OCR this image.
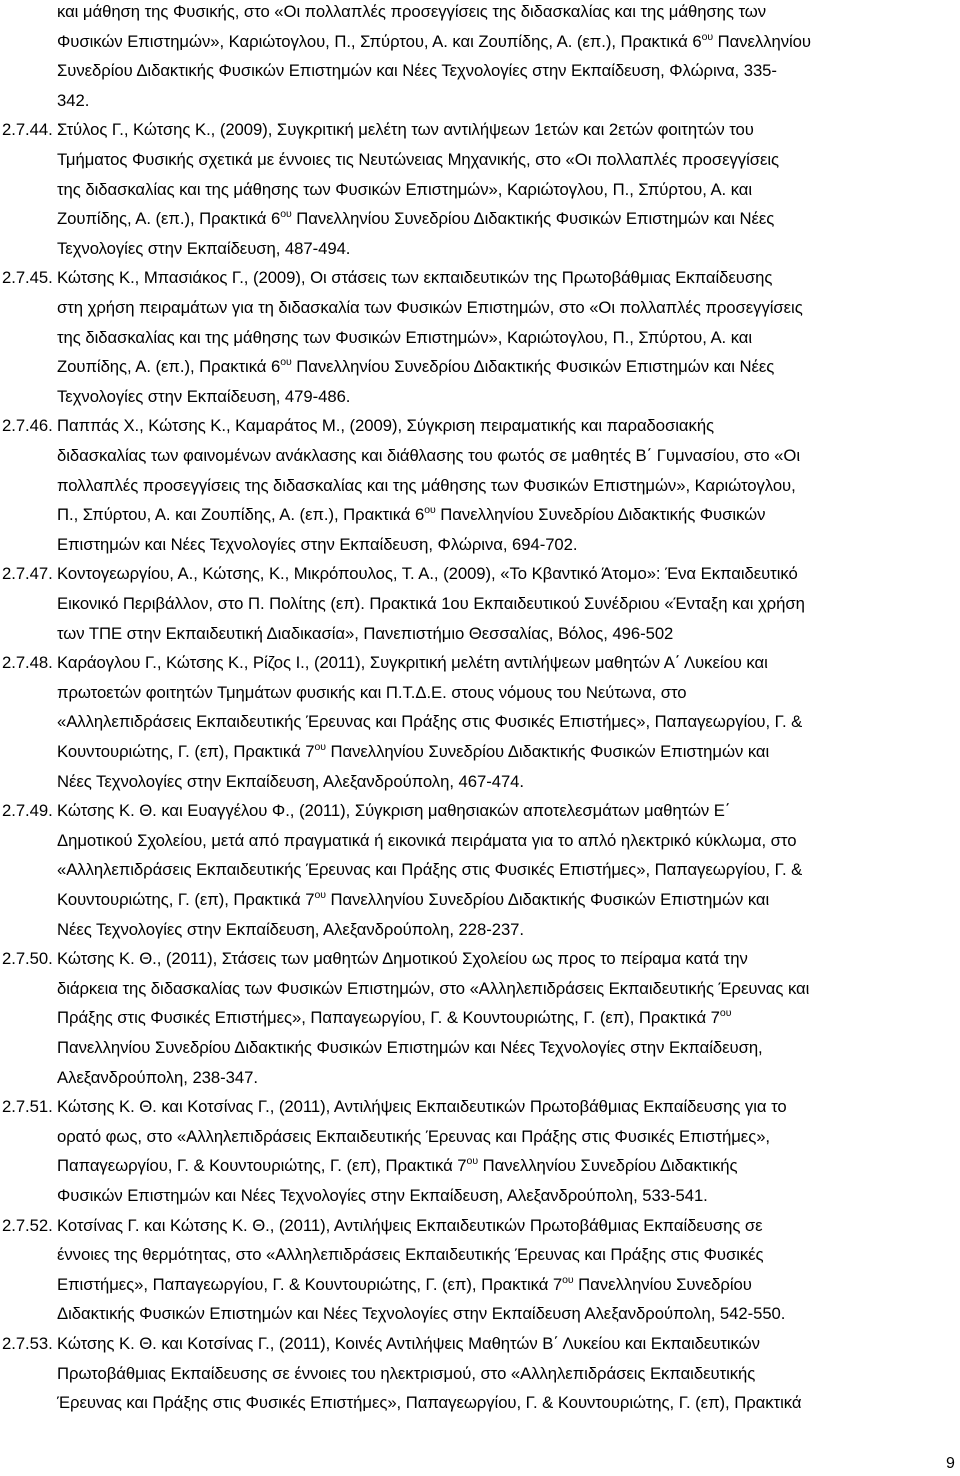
και μάθηση της Φυσικής, στο «Οι πολλαπλές προσεγγίσεις της διδασκαλίας και της μάθησης των
Φυσικών Επιστημών», Καριώτογλου, Π., Σπύρτου, Α. και Ζουπίδης, Α. (επ.), Πρακτικά $6^{o\upsilon}$ Πανελληνίου
Συνεδρίου Διδακτικής Φυσικών Επιστημών και Νέες Τεχνολογίες στην Εκπαίδευση, Φλώρινα, 335-
342.
2.7.44. Στύλος Γ., Κώτσης Κ., (2009), Συγκριτική μελέτη των αντιλήψεων 1ετών και 2ετών φοιτητών του
Τμήματος Φυσικής σχετικά με έννοιες τις Νευτώνειας Μηχανικής, στο «Οι πολλαπλές προσεγγίσεις
της διδασκαλίας και της μάθησης των Φυσικών Επιστημών», Καριώτογλου, Π., Σπύρτου, Α. και
Ζουπίδης, Α. (επ.), Πρακτικά $6^{o\upsilon}$ Πανελληνίου Συνεδρίου Διδακτικής Φυσικών Επιστημών και Νέες
Τεχνολογίες στην Εκπαίδευση, 487-494.
2.7.45. Κώτσης Κ., Μπασιάκος Γ., (2009), Οι στάσεις των εκπαιδευτικών της Πρωτοβάθμιας Εκπαίδευσης
στη χρήση πειραμάτων για τη διδασκαλία των Φυσικών Επιστημών, στο «Οι πολλαπλές προσεγγίσεις
της διδασκαλίας και της μάθησης των Φυσικών Επιστημών», Καριώτογλου, Π., Σπύρτου, Α. και
Ζουπίδης, Α. (επ.), Πρακτικά $6^{o\upsilon}$ Πανελληνίου Συνεδρίου Διδακτικής Φυσικών Επιστημών και Νέες
Τεχνολογίες στην Εκπαίδευση, 479-486.
2.7.46. Παππάς Χ., Κώτσης Κ., Καμαράτος Μ., (2009), Σύγκριση πειραματικής και παραδοσιακής
διδασκαλίας των φαινομένων ανάκλασης και διάθλασης του φωτός σε μαθητές Β΄ Γυμνασίου, στο «Οι
πολλαπλές προσεγγίσεις της διδασκαλίας και της μάθησης των Φυσικών Επιστημών», Καριώτογλου,
Π., Σπύρτου, Α. και Ζουπίδης, Α. (επ.), Πρακτικά $6^{o\upsilon}$ Πανελληνίου Συνεδρίου Διδακτικής Φυσικών
Επιστημών και Νέες Τεχνολογίες στην Εκπαίδευση, Φλώρινα, 694-702.
2.7.47. Κοντογεωργίου, Α., Κώτσης, Κ., Μικρόπουλος, Τ. Α., (2009), «Το Κβαντικό Άτομο»: Ένα Εκπαιδευτικό
Εικονικό Περιβάλλον, στο Π. Πολίτης (επ). Πρακτικά 1ου Εκπαιδευτικού Συνέδριου «Ένταξη και χρήση
των ΤΠΕ στην Εκπαιδευτική Διαδικασία», Πανεπιστήμιο Θεσσαλίας, Βόλος, 496-502
2.7.48. Καράογλου Γ., Κώτσης Κ., Ρίζος Ι., (2011), Συγκριτική μελέτη αντιλήψεων μαθητών Α΄ Λυκείου και
πρωτοετών φοιτητών Τμημάτων φυσικής και Π.Τ.Δ.Ε. στους νόμους του Νεύτωνα, στο
«Αλληλεπιδράσεις Εκπαιδευτικής Έρευνας και Πράξης στις Φυσικές Επιστήμες», Παπαγεωργίου, Γ. &
Κουντουριώτης, Γ. (επ), Πρακτικά $7^{o\upsilon}$ Πανελληνίου Συνεδρίου Διδακτικής Φυσικών Επιστημών και
Νέες Τεχνολογίες στην Εκπαίδευση, Αλεξανδρούπολη, 467-474.
2.7.49. Κώτσης Κ. Θ. και Ευαγγέλου Φ., (2011), Σύγκριση μαθησιακών αποτελεσμάτων μαθητών Ε΄
Δημοτικού Σχολείου, μετά από πραγματικά ή εικονικά πειράματα για το απλό ηλεκτρικό κύκλωμα, στο
«Αλληλεπιδράσεις Εκπαιδευτικής Έρευνας και Πράξης στις Φυσικές Επιστήμες», Παπαγεωργίου, Γ. &
Κουντουριώτης, Γ. (επ), Πρακτικά $7^{o\upsilon}$ Πανελληνίου Συνεδρίου Διδακτικής Φυσικών Επιστημών και
Νέες Τεχνολογίες στην Εκπαίδευση, Αλεξανδρούπολη, 228-237.
2.7.50. Κώτσης Κ. Θ., (2011), Στάσεις των μαθητών Δημοτικού Σχολείου ως προς το πείραμα κατά την
διάρκεια της διδασκαλίας των Φυσικών Επιστημών, στο «Αλληλεπιδράσεις Εκπαιδευτικής Έρευνας και
Πράξης στις Φυσικές Επιστήμες», Παπαγεωργίου, Γ. & Κουντουριώτης, Γ. (επ), Πρακτικά $7^{o\upsilon}$
Πανελληνίου Συνεδρίου Διδακτικής Φυσικών Επιστημών και Νέες Τεχνολογίες στην Εκπαίδευση,
Αλεξανδρούπολη, 238-347.
2.7.51. Κώτσης Κ. Θ. και Κοτσίνας Γ., (2011), Αντιλήψεις Εκπαιδευτικών Πρωτοβάθμιας Εκπαίδευσης για το
ορατό φως, στο «Αλληλεπιδράσεις Εκπαιδευτικής Έρευνας και Πράξης στις Φυσικές Επιστήμες»,
Παπαγεωργίου, Γ. & Κουντουριώτης, Γ. (επ), Πρακτικά $7^{o\upsilon}$ Πανελληνίου Συνεδρίου Διδακτικής
Φυσικών Επιστημών και Νέες Τεχνολογίες στην Εκπαίδευση, Αλεξανδρούπολη, 533-541.
2.7.52. Κοτσίνας Γ. και Κώτσης Κ. Θ., (2011), Αντιλήψεις Εκπαιδευτικών Πρωτοβάθμιας Εκπαίδευσης σε
έννοιες της θερμότητας, στο «Αλληλεπιδράσεις Εκπαιδευτικής Έρευνας και Πράξης στις Φυσικές
Επιστήμες», Παπαγεωργίου, Γ. & Κουντουριώτης, Γ. (επ), Πρακτικά $7^{o\upsilon}$ Πανελληνίου Συνεδρίου
Διδακτικής Φυσικών Επιστημών και Νέες Τεχνολογίες στην Εκπαίδευση Αλεξανδρούπολη, 542-550.
2.7.53. Κώτσης Κ. Θ. και Κοτσίνας Γ., (2011), Κοινές Αντιλήψεις Μαθητών Β΄ Λυκείου και Εκπαιδευτικών
Πρωτοβάθμιας Εκπαίδευσης σε έννοιες του ηλεκτρισμού, στο «Αλληλεπιδράσεις Εκπαιδευτικής
Έρευνας και Πράξης στις Φυσικές Επιστήμες», Παπαγεωργίου, Γ. & Κουντουριώτης, Γ. (επ), Πρακτικά
9
